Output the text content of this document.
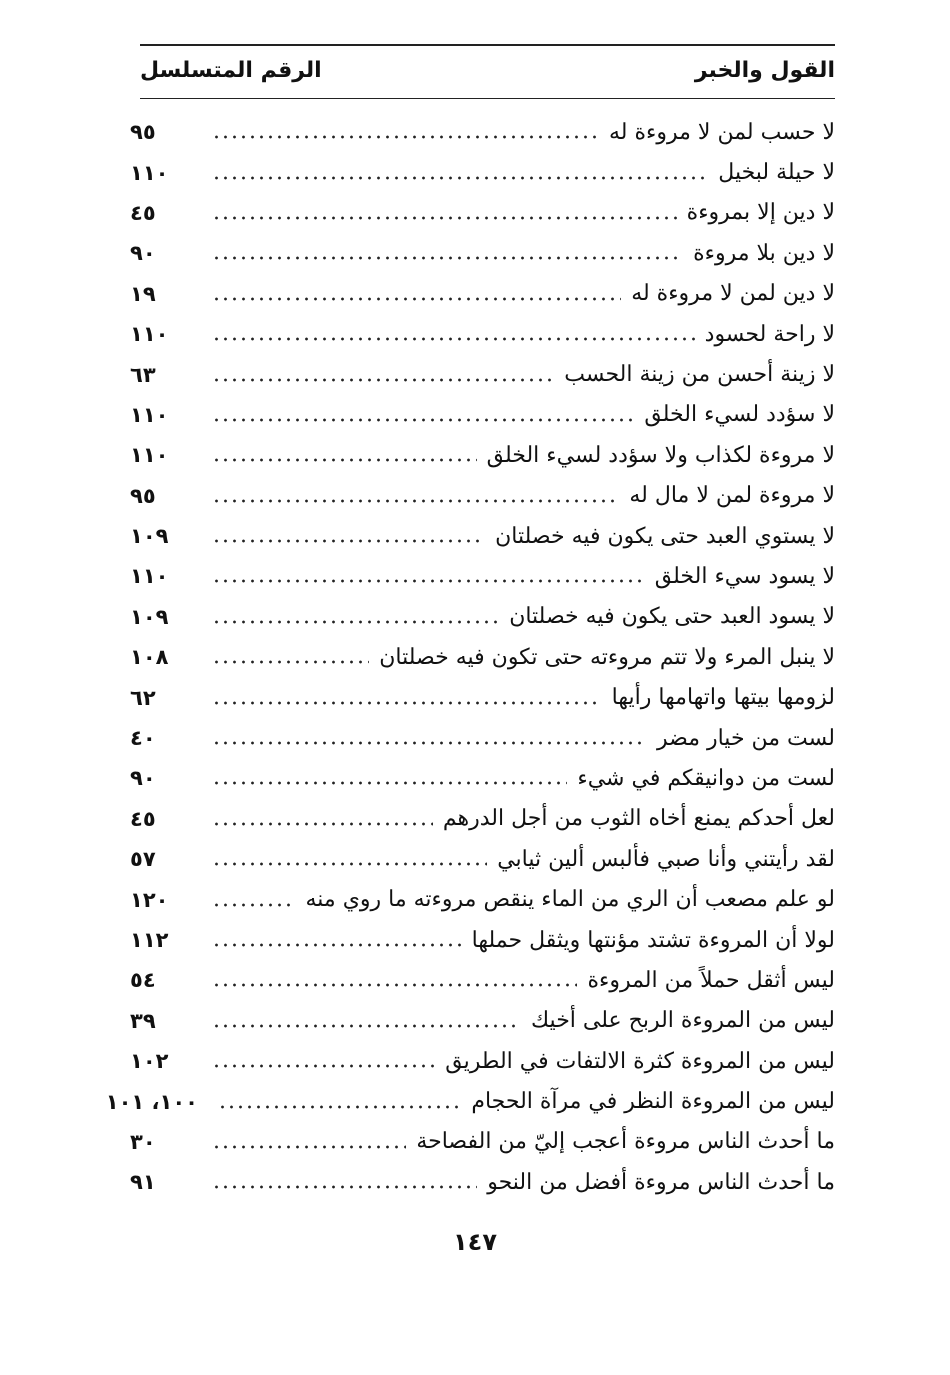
القول والخبر
الرقم المتسلسل
لا حسب لمن لا مروءة له
٩٥
لا حيلة لبخيل
١١٠
لا دين إلا بمروءة
٤٥
لا دين بلا مروءة
٩٠
لا دين لمن لا مروءة له
١٩
لا راحة لحسود
١١٠
لا زينة أحسن من زينة الحسب
٦٣
لا سؤدد لسيء الخلق
١١٠
لا مروءة لكذاب ولا سؤدد لسيء الخلق
١١٠
لا مروءة لمن لا مال له
٩٥
لا يستوي العبد حتى يكون فيه خصلتان
١٠٩
لا يسود سيء الخلق
١١٠
لا يسود العبد حتى يكون فيه خصلتان
١٠٩
لا ينبل المرء ولا تتم مروءته حتى تكون فيه خصلتان
١٠٨
لزومها بيتها واتهامها رأيها
٦٢
لست من خيار مضر
٤٠
لست من دوانيقكم في شيء
٩٠
لعل أحدكم يمنع أخاه الثوب من أجل الدرهم
٤٥
لقد رأيتني وأنا صبي فألبس ألين ثيابي
٥٧
لو علم مصعب أن الري من الماء ينقص مروءته ما روي منه
١٢٠
لولا أن المروءة تشتد مؤنتها ويثقل حملها
١١٢
ليس أثقل حملاً من المروءة
٥٤
ليس من المروءة الربح على أخيك
٣٩
ليس من المروءة كثرة الالتفات في الطريق
١٠٢
ليس من المروءة النظر في مرآة الحجام
١٠٠، ١٠١
ما أحدث الناس مروءة أعجب إليّ من الفصاحة
٣٠
ما أحدث الناس مروءة أفضل من النحو
٩١
١٤٧
